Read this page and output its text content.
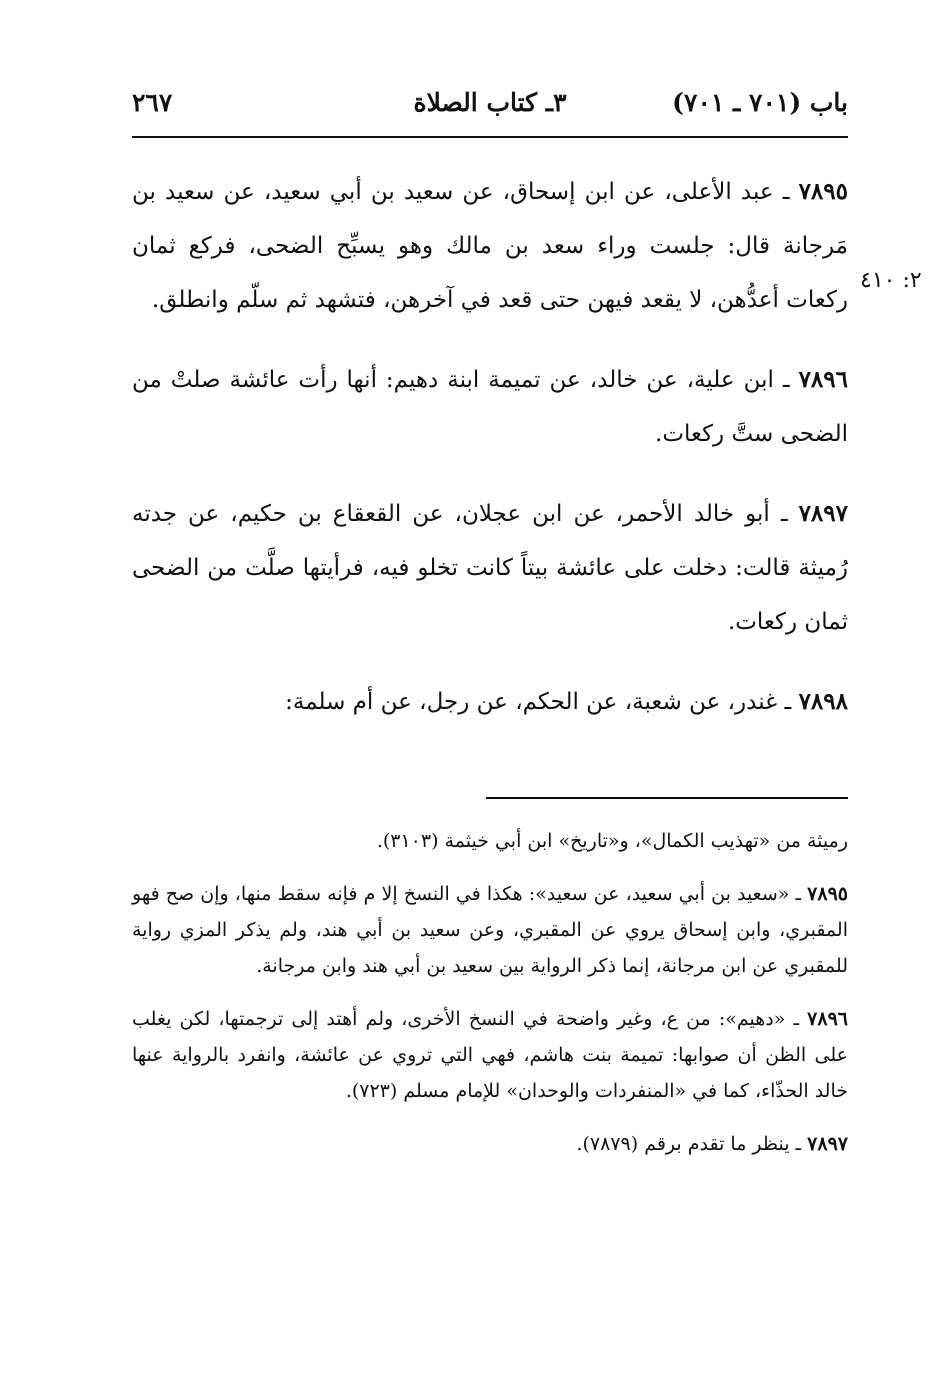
باب (٧٠١ ـ ٧٠١)
٣ـ كتاب الصلاة
٢٦٧
٢: ٤١٠

٧٨٩٥ ـ عبد الأعلى، عن ابن إسحاق، عن سعيد بن أبي سعيد، عن سعيد بن مَرجانة قال: جلست وراء سعد بن مالك وهو يسبِّح الضحى، فركع ثمان ركعات أعدُّهن، لا يقعد فيهن حتى قعد في آخرهن، فتشهد ثم سلّم وانطلق.

٧٨٩٦ ـ ابن علية، عن خالد، عن تميمة ابنة دهيم: أنها رأت عائشة صلتْ من الضحى ستَّ ركعات.

٧٨٩٧ ـ أبو خالد الأحمر، عن ابن عجلان، عن القعقاع بن حكيم، عن جدته رُميثة قالت: دخلت على عائشة بيتاً كانت تخلو فيه، فرأيتها صلَّت من الضحى ثمان ركعات.

٧٨٩٨ ـ غندر، عن شعبة، عن الحكم، عن رجل، عن أم سلمة:

رميثة من «تهذيب الكمال»، و«تاريخ» ابن أبي خيثمة (٣١٠٣).

٧٨٩٥ ـ «سعيد بن أبي سعيد، عن سعيد»: هكذا في النسخ إلا م فإنه سقط منها، وإن صح فهو المقبري، وابن إسحاق يروي عن المقبري، وعن سعيد بن أبي هند، ولم يذكر المزي رواية للمقبري عن ابن مرجانة، إنما ذكر الرواية بين سعيد بن أبي هند وابن مرجانة.

٧٨٩٦ ـ «دهيم»: من ع، وغير واضحة في النسخ الأخرى، ولم أهتد إلى ترجمتها، لكن يغلب على الظن أن صوابها: تميمة بنت هاشم، فهي التي تروي عن عائشة، وانفرد بالرواية عنها خالد الحذّاء، كما في «المنفردات والوحدان» للإمام مسلم (٧٢٣).

٧٨٩٧ ـ ينظر ما تقدم برقم (٧٨٧٩).
